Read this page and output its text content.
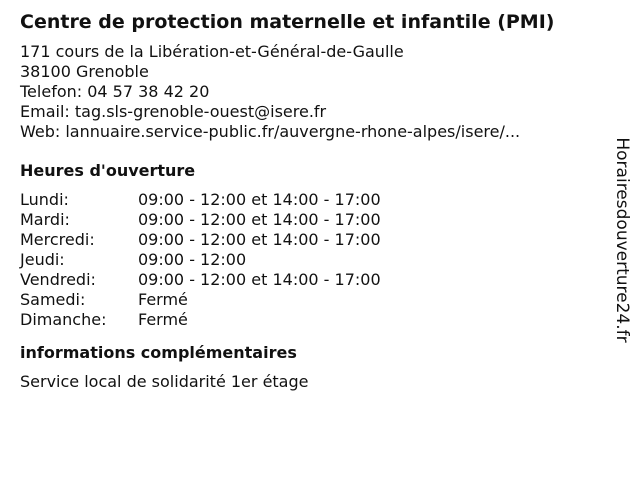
Centre de protection maternelle et infantile (PMI)
171 cours de la Libération-et-Général-de-Gaulle
38100 Grenoble
Telefon: 04 57 38 42 20
Email: tag.sls-grenoble-ouest@isere.fr
Web: lannuaire.service-public.fr/auvergne-rhone-alpes/isere/...
Heures d'ouverture
Lundi:	09:00 - 12:00 et 14:00 - 17:00
Mardi:	09:00 - 12:00 et 14:00 - 17:00
Mercredi:	09:00 - 12:00 et 14:00 - 17:00
Jeudi:	09:00 - 12:00
Vendredi:	09:00 - 12:00 et 14:00 - 17:00
Samedi:	Fermé
Dimanche:	Fermé
informations complémentaires
Service local de solidarité 1er étage
Horairesdouverture24.fr
